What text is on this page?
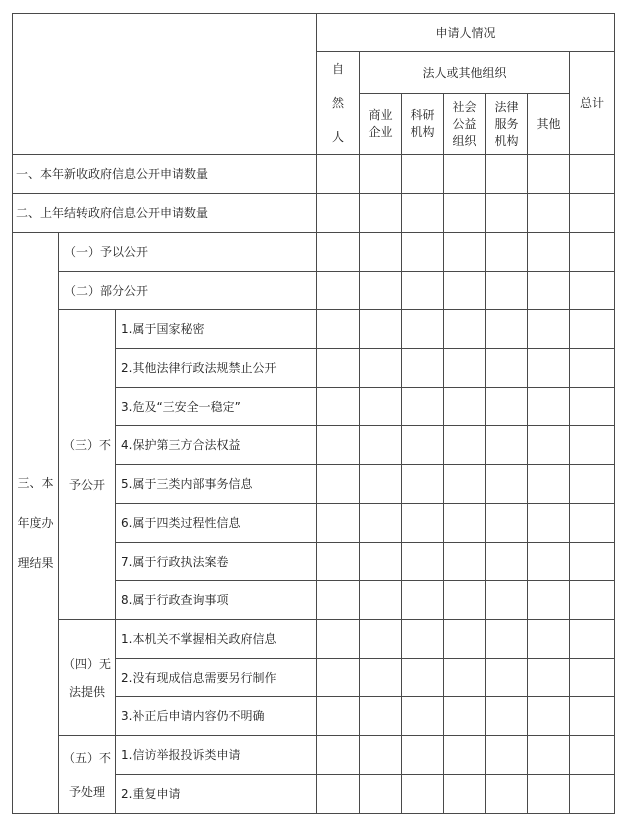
			申请人情况						

			自然人	法人或其他组织					总计

				商业企业	科研机构	社会公益组织	法律服务机构	其他	
一、本年新收政府信息公开申请数量									
二、上年结转政府信息公开申请数量									

三、本年度办理结果	（一）予以公开								
	（二）部分公开								

	（三）不予公开	1.属于国家秘密							
		2.其他法律行政法规禁止公开							
		3.危及“三安全一稳定”							
		4.保护第三方合法权益							
		5.属于三类内部事务信息							
		6.属于四类过程性信息							
		7.属于行政执法案卷							
		8.属于行政查询事项							

	（四）无法提供	1.本机关不掌握相关政府信息							
		2.没有现成信息需要另行制作							
		3.补正后申请内容仍不明确							

	（五）不予处理	1.信访举报投诉类申请							
		2.重复申请							
